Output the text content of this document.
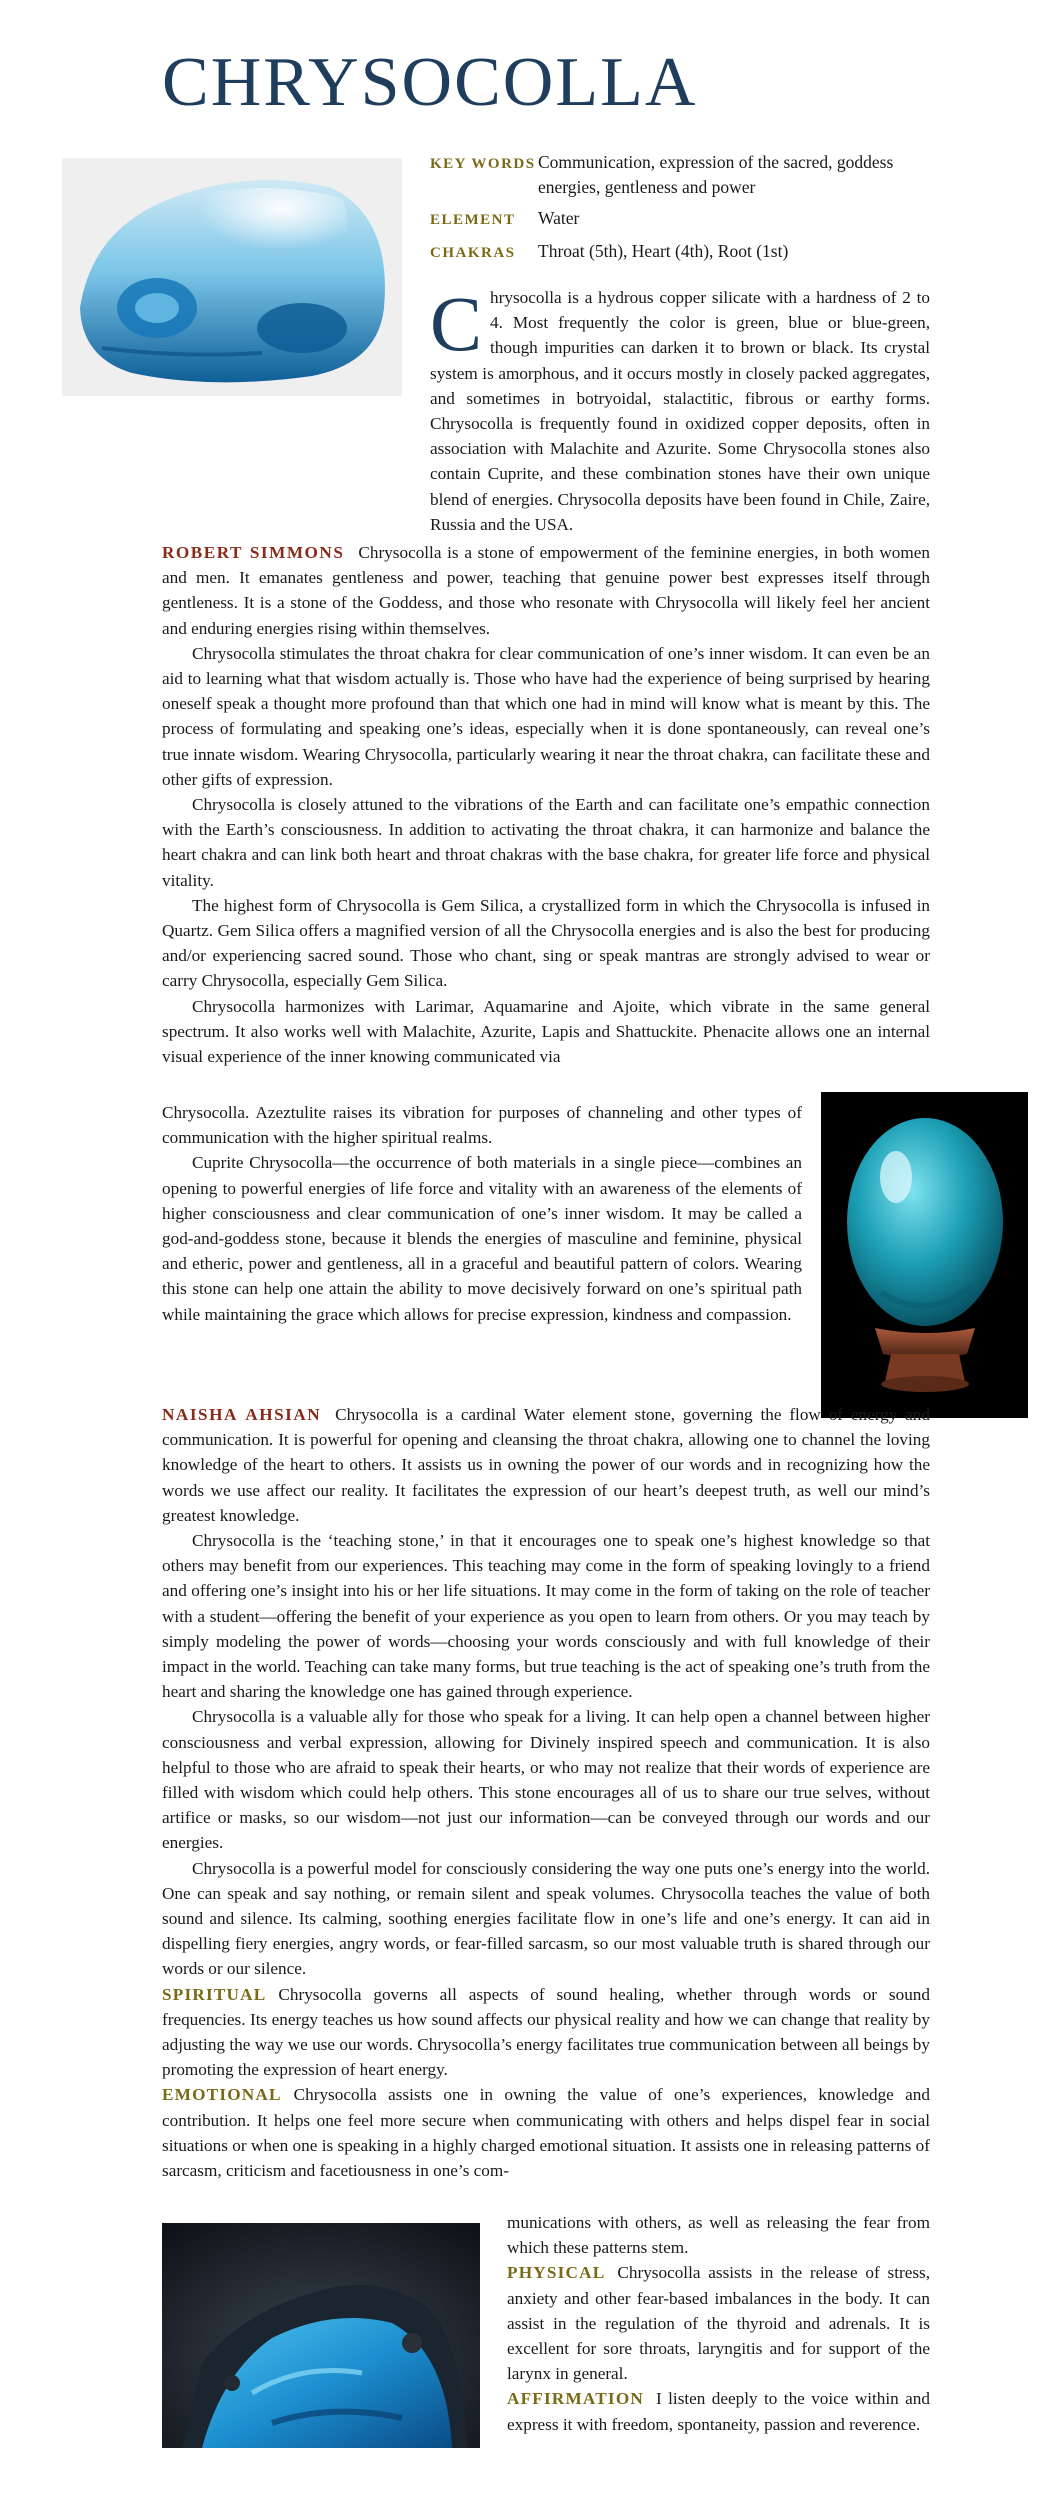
CHRYSOCOLLA
KEY WORDS Communication, expression of the sacred, goddess energies, gentleness and power
ELEMENT	Water
CHAKRAS	Throat (5th), Heart (4th), Root (1st)

Chrysocolla is a hydrous copper silicate with a hardness of 2 to 4. Most frequently the color is green, blue or blue-green, though impurities can darken it to brown or black. Its crystal system is amorphous, and it occurs mostly in closely packed aggregates, and sometimes in botryoidal, stalactitic, fibrous or earthy forms. Chrysocolla is frequently found in oxidized copper deposits, often in association with Malachite and Azurite. Some Chrysocolla stones also contain Cuprite, and these combination stones have their own unique blend of energies. Chrysocolla deposits have been found in Chile, Zaire, Russia and the USA.

ROBERT SIMMONS Chrysocolla is a stone of empowerment of the feminine energies, in both women and men. It emanates gentleness and power, teaching that genuine power best expresses itself through gentleness. It is a stone of the Goddess, and those who resonate with Chrysocolla will likely feel her ancient and enduring energies rising within themselves.

Chrysocolla stimulates the throat chakra for clear communication of one’s inner wisdom. It can even be an aid to learning what that wisdom actually is. Those who have had the experience of being surprised by hearing oneself speak a thought more profound than that which one had in mind will know what is meant by this. The process of formulating and speaking one’s ideas, especially when it is done spontaneously, can reveal one’s true innate wisdom. Wearing Chrysocolla, particularly wearing it near the throat chakra, can facilitate these and other gifts of expression.

Chrysocolla is closely attuned to the vibrations of the Earth and can facilitate one’s empathic connection with the Earth’s consciousness. In addition to activating the throat chakra, it can harmonize and balance the heart chakra and can link both heart and throat chakras with the base chakra, for greater life force and physical vitality.

The highest form of Chrysocolla is Gem Silica, a crystallized form in which the Chrysocolla is infused in Quartz. Gem Silica offers a magnified version of all the Chrysocolla energies and is also the best for producing and/or experiencing sacred sound. Those who chant, sing or speak mantras are strongly advised to wear or carry Chrysocolla, especially Gem Silica.

Chrysocolla harmonizes with Larimar, Aquamarine and Ajoite, which vibrate in the same general spectrum. It also works well with Malachite, Azurite, Lapis and Shattuckite. Phenacite allows one an internal visual experience of the inner knowing communicated via

Chrysocolla. Azeztulite raises its vibration for purposes of channeling and other types of communication with the higher spiritual realms.

Cuprite Chrysocolla—the occurrence of both materials in a single piece—combines an opening to powerful energies of life force and vitality with an awareness of the elements of higher consciousness and clear communication of one’s inner wisdom. It may be called a god-and-goddess stone, because it blends the energies of masculine and feminine, physical and etheric, power and gentleness, all in a graceful and beautiful pattern of colors. Wearing this stone can help one attain the ability to move decisively forward on one’s spiritual path while maintaining the grace which allows for precise expression, kindness and compassion.

NAISHA AHSIAN Chrysocolla is a cardinal Water element stone, governing the flow of energy and communication. It is powerful for opening and cleansing the throat chakra, allowing one to channel the loving knowledge of the heart to others. It assists us in owning the power of our words and in recognizing how the words we use affect our reality. It facilitates the expression of our heart’s deepest truth, as well our mind’s greatest knowledge.

Chrysocolla is the ‘teaching stone,’ in that it encourages one to speak one’s highest knowledge so that others may benefit from our experiences. This teaching may come in the form of speaking lovingly to a friend and offering one’s insight into his or her life situations. It may come in the form of taking on the role of teacher with a student—offering the benefit of your experience as you open to learn from others. Or you may teach by simply modeling the power of words—choosing your words consciously and with full knowledge of their impact in the world. Teaching can take many forms, but true teaching is the act of speaking one’s truth from the heart and sharing the knowledge one has gained through experience.

Chrysocolla is a valuable ally for those who speak for a living. It can help open a channel between higher consciousness and verbal expression, allowing for Divinely inspired speech and communication. It is also helpful to those who are afraid to speak their hearts, or who may not realize that their words of experience are filled with wisdom which could help others. This stone encourages all of us to share our true selves, without artifice or masks, so our wisdom—not just our information—can be conveyed through our words and our energies.

Chrysocolla is a powerful model for consciously considering the way one puts one’s energy into the world. One can speak and say nothing, or remain silent and speak volumes. Chrysocolla teaches the value of both sound and silence. Its calming, soothing energies facilitate flow in one’s life and one’s energy. It can aid in dispelling fiery energies, angry words, or fear-filled sarcasm, so our most valuable truth is shared through our words or our silence.

SPIRITUAL Chrysocolla governs all aspects of sound healing, whether through words or sound frequencies. Its energy teaches us how sound affects our physical reality and how we can change that reality by adjusting the way we use our words. Chrysocolla’s energy facilitates true communication between all beings by promoting the expression of heart energy.

EMOTIONAL Chrysocolla assists one in owning the value of one’s experiences, knowledge and contribution. It helps one feel more secure when communicating with others and helps dispel fear in social situations or when one is speaking in a highly charged emotional situation. It assists one in releasing patterns of sarcasm, criticism and facetiousness in one’s com-

munications with others, as well as releasing the fear from which these patterns stem.

PHYSICAL Chrysocolla assists in the release of stress, anxiety and other fear-based imbalances in the body. It can assist in the regulation of the thyroid and adrenals. It is excellent for sore throats, laryngitis and for support of the larynx in general.

AFFIRMATION I listen deeply to the voice within and express it with freedom, spontaneity, passion and reverence.
